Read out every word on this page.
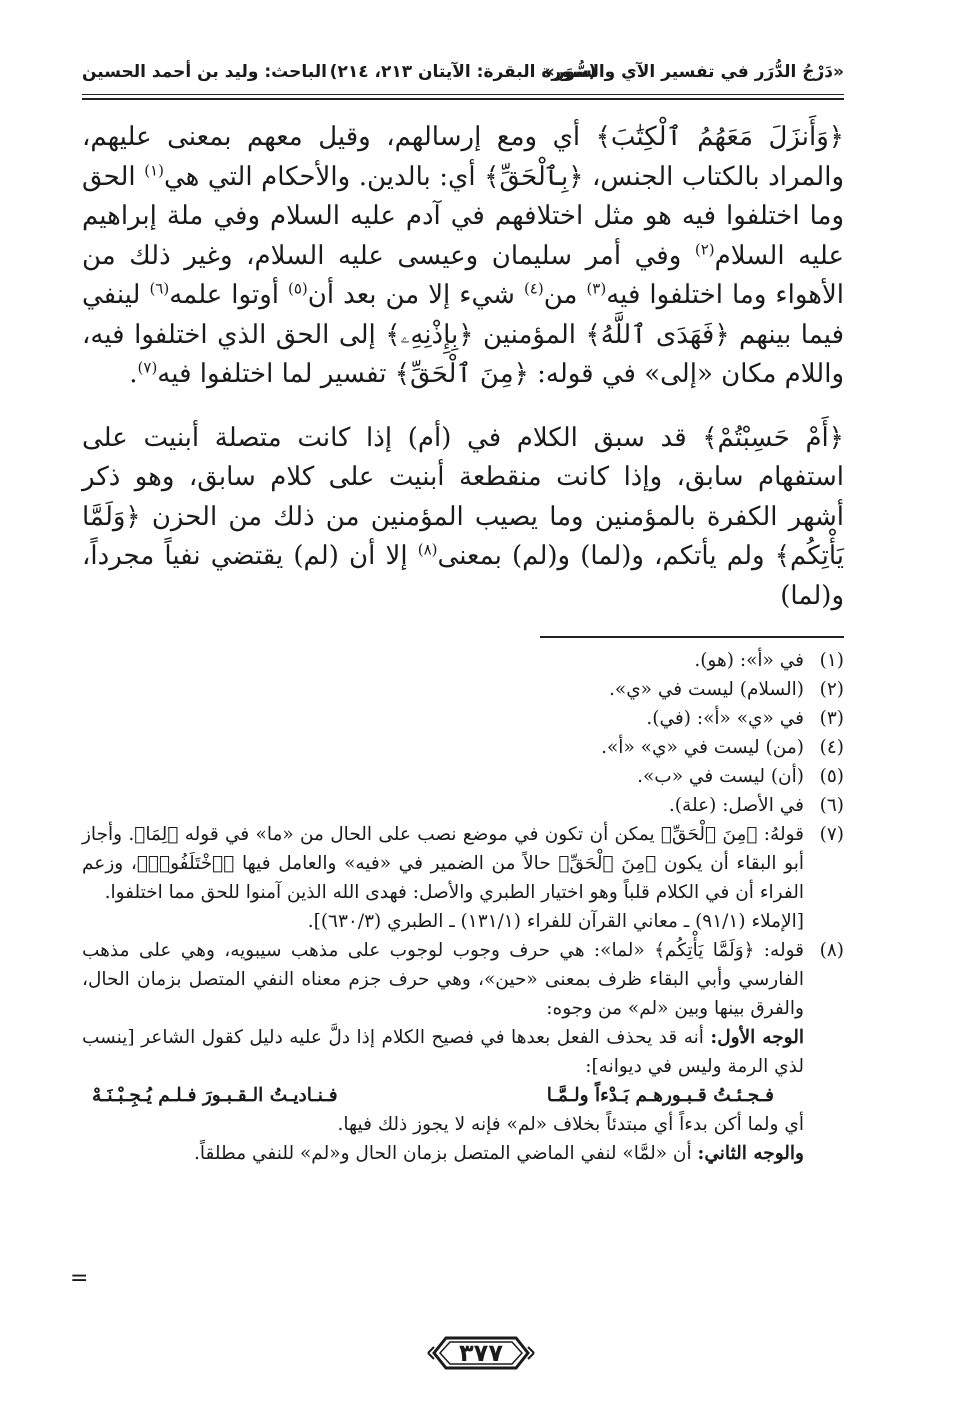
«دَرْجُ الدُّرَر في تفسير الآي والسُّوَر»
(سورة البقرة: الآيتان ٢١٣، ٢١٤)
الباحث: وليد بن أحمد الحسين

﴿وَأَنزَلَ مَعَهُمُ ٱلْكِتَٰبَ﴾ أي ومع إرسالهم، وقيل معهم بمعنى عليهم، والمراد بالكتاب الجنس، ﴿بِٱلْحَقِّ﴾ أي: بالدين. والأحكام التي هي$^{(١)}$ الحق وما اختلفوا فيه هو مثل اختلافهم في آدم عليه السلام وفي ملة إبراهيم عليه السلام$^{(٢)}$ وفي أمر سليمان وعيسى عليه السلام، وغير ذلك من الأهواء وما اختلفوا فيه$^{(٣)}$ من$^{(٤)}$ شيء إلا من بعد أن$^{(٥)}$ أوتوا علمه$^{(٦)}$ لينفي فيما بينهم ﴿فَهَدَى ٱللَّهُ﴾ المؤمنين ﴿بِإِذْنِهِۦ﴾ إلى الحق الذي اختلفوا فيه، واللام مكان «إلى» في قوله: ﴿مِنَ ٱلْحَقِّ﴾ تفسير لما اختلفوا فيه$^{(٧)}$.

﴿أَمْ حَسِبْتُمْ﴾ قد سبق الكلام في (أم) إذا كانت متصلة أبنيت على استفهام سابق، وإذا كانت منقطعة أبنيت على كلام سابق، وهو ذكر أشهر الكفرة بالمؤمنين وما يصيب المؤمنين من ذلك من الحزن ﴿وَلَمَّا يَأْتِكُم﴾ ولم يأتكم، و(لما) و(لم) بمعنى$^{(٨)}$ إلا أن (لم) يقتضي نفياً مجرداً، و(لما)

(١)
في «أ»: (هو).
(٢)
(السلام) ليست في «ي».
(٣)
في «ي» «أ»: (في).
(٤)
(من) ليست في «ي» «أ».
(٥)
(أن) ليست في «ب».
(٦)
في الأصل: (علة).
(٧)

قولهُ: ﴿مِنَ ٱلْحَقِّ﴾ يمكن أن تكون في موضع نصب على الحال من «ما» في قوله ﴿لِمَا﴾. وأجاز أبو البقاء أن يكون ﴿مِنَ ٱلْحَقِّ﴾ حالاً من الضمير في «فيه» والعامل فيها ﴿ٱخْتَلَفُوا۟﴾، وزعم الفراء أن في الكلام قلباً وهو اختيار الطبري والأصل: فهدى الله الذين آمنوا للحق مما اختلفوا.

[الإملاء (٩١/١) ـ معاني القرآن للفراء (١٣١/١) ـ الطبري (٦٣٠/٣)].

(٨)

قوله: ﴿وَلَمَّا يَأْتِكُم﴾ «لما»: هي حرف وجوب لوجوب على مذهب سيبويه، وهي على مذهب الفارسي وأبي البقاء ظرف بمعنى «حين»، وهي حرف جزم معناه النفي المتصل بزمان الحال، والفرق بينها وبين «لم» من وجوه:

الوجه الأول: أنه قد يحذف الفعل بعدها في فصيح الكلام إذا دلَّ عليه دليل كقول الشاعر [ينسب لذي الرمة وليس في ديوانه]:

فـجـئـتُ قـبـورهـم بَـدْءاً ولـمَّـا
فـنـاديـتُ الـقـبـورَ فـلـم يُـجِـبْـنَـهْ

أي ولما أكن بدءاً أي مبتدئاً بخلاف «لم» فإنه لا يجوز ذلك فيها.

والوجه الثاني: أن «لمَّا» لنفي الماضي المتصل بزمان الحال و«لم» للنفي مطلقاً.

=
٣٧٧
